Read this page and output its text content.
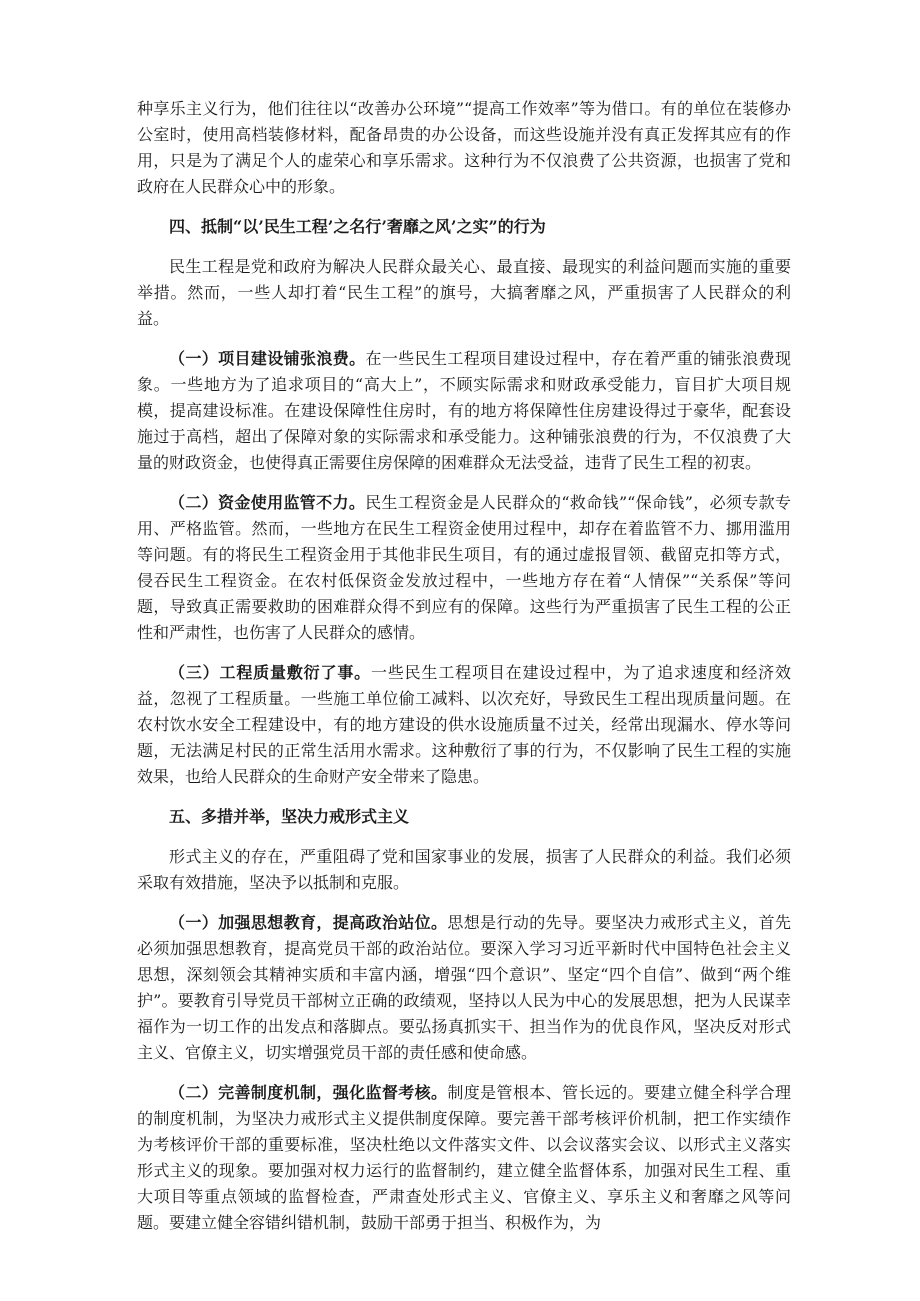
种享乐主义行为，他们往往以“改善办公环境”“提高工作效率”等为借口。有的单位在装修办公室时，使用高档装修材料，配备昂贵的办公设备，而这些设施并没有真正发挥其应有的作用，只是为了满足个人的虚荣心和享乐需求。这种行为不仅浪费了公共资源，也损害了党和政府在人民群众心中的形象。

四、抵制“以’民生工程’之名行’奢靡之风’之实”的行为

民生工程是党和政府为解决人民群众最关心、最直接、最现实的利益问题而实施的重要举措。然而，一些人却打着“民生工程”的旗号，大搞奢靡之风，严重损害了人民群众的利益。

（一）项目建设铺张浪费。在一些民生工程项目建设过程中，存在着严重的铺张浪费现象。一些地方为了追求项目的“高大上”，不顾实际需求和财政承受能力，盲目扩大项目规模，提高建设标准。在建设保障性住房时，有的地方将保障性住房建设得过于豪华，配套设施过于高档，超出了保障对象的实际需求和承受能力。这种铺张浪费的行为，不仅浪费了大量的财政资金，也使得真正需要住房保障的困难群众无法受益，违背了民生工程的初衷。

（二）资金使用监管不力。民生工程资金是人民群众的“救命钱”“保命钱”，必须专款专用、严格监管。然而，一些地方在民生工程资金使用过程中，却存在着监管不力、挪用滥用等问题。有的将民生工程资金用于其他非民生项目，有的通过虚报冒领、截留克扣等方式，侵吞民生工程资金。在农村低保资金发放过程中，一些地方存在着“人情保”“关系保”等问题，导致真正需要救助的困难群众得不到应有的保障。这些行为严重损害了民生工程的公正性和严肃性，也伤害了人民群众的感情。

（三）工程质量敷衍了事。一些民生工程项目在建设过程中，为了追求速度和经济效益，忽视了工程质量。一些施工单位偷工减料、以次充好，导致民生工程出现质量问题。在农村饮水安全工程建设中，有的地方建设的供水设施质量不过关，经常出现漏水、停水等问题，无法满足村民的正常生活用水需求。这种敷衍了事的行为，不仅影响了民生工程的实施效果，也给人民群众的生命财产安全带来了隐患。

五、多措并举，坚决力戒形式主义

形式主义的存在，严重阻碍了党和国家事业的发展，损害了人民群众的利益。我们必须采取有效措施，坚决予以抵制和克服。

（一）加强思想教育，提高政治站位。思想是行动的先导。要坚决力戒形式主义，首先必须加强思想教育，提高党员干部的政治站位。要深入学习习近平新时代中国特色社会主义思想，深刻领会其精神实质和丰富内涵，增强“四个意识”、坚定“四个自信”、做到“两个维护”。要教育引导党员干部树立正确的政绩观，坚持以人民为中心的发展思想，把为人民谋幸福作为一切工作的出发点和落脚点。要弘扬真抓实干、担当作为的优良作风，坚决反对形式主义、官僚主义，切实增强党员干部的责任感和使命感。

（二）完善制度机制，强化监督考核。制度是管根本、管长远的。要建立健全科学合理的制度机制，为坚决力戒形式主义提供制度保障。要完善干部考核评价机制，把工作实绩作为考核评价干部的重要标准，坚决杜绝以文件落实文件、以会议落实会议、以形式主义落实形式主义的现象。要加强对权力运行的监督制约，建立健全监督体系，加强对民生工程、重大项目等重点领域的监督检查，严肃查处形式主义、官僚主义、享乐主义和奢靡之风等问题。要建立健全容错纠错机制，鼓励干部勇于担当、积极作为，为
